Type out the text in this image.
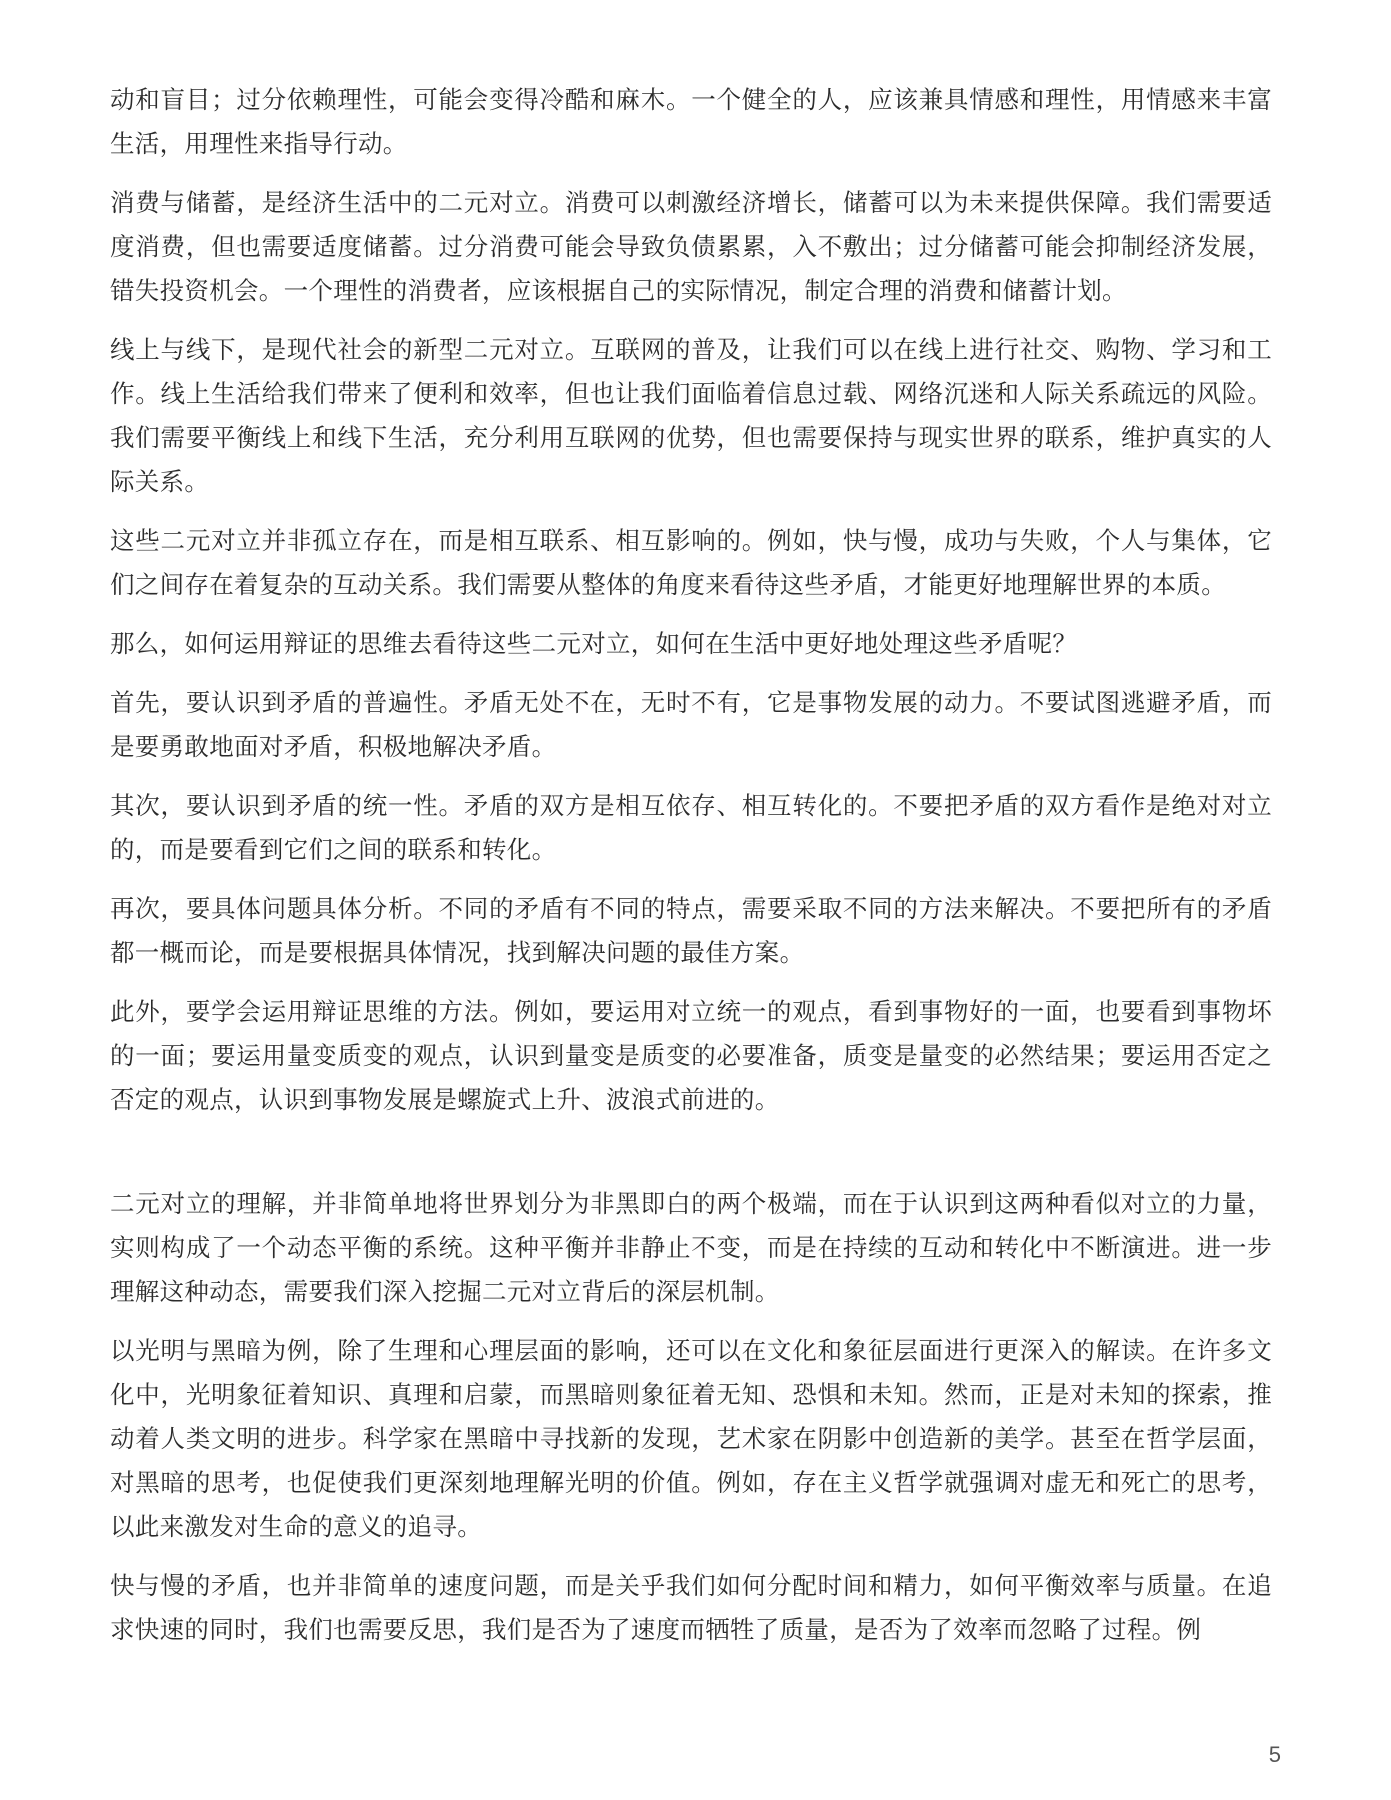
动和盲目；过分依赖理性，可能会变得冷酷和麻木。一个健全的人，应该兼具情感和理性，用情感来丰富生活，用理性来指导行动。

消费与储蓄，是经济生活中的二元对立。消费可以刺激经济增长，储蓄可以为未来提供保障。我们需要适度消费，但也需要适度储蓄。过分消费可能会导致负债累累，入不敷出；过分储蓄可能会抑制经济发展，错失投资机会。一个理性的消费者，应该根据自己的实际情况，制定合理的消费和储蓄计划。

线上与线下，是现代社会的新型二元对立。互联网的普及，让我们可以在线上进行社交、购物、学习和工作。线上生活给我们带来了便利和效率，但也让我们面临着信息过载、网络沉迷和人际关系疏远的风险。我们需要平衡线上和线下生活，充分利用互联网的优势，但也需要保持与现实世界的联系，维护真实的人际关系。

这些二元对立并非孤立存在，而是相互联系、相互影响的。例如，快与慢，成功与失败，个人与集体，它们之间存在着复杂的互动关系。我们需要从整体的角度来看待这些矛盾，才能更好地理解世界的本质。

那么，如何运用辩证的思维去看待这些二元对立，如何在生活中更好地处理这些矛盾呢？

首先，要认识到矛盾的普遍性。矛盾无处不在，无时不有，它是事物发展的动力。不要试图逃避矛盾，而是要勇敢地面对矛盾，积极地解决矛盾。

其次，要认识到矛盾的统一性。矛盾的双方是相互依存、相互转化的。不要把矛盾的双方看作是绝对对立的，而是要看到它们之间的联系和转化。

再次，要具体问题具体分析。不同的矛盾有不同的特点，需要采取不同的方法来解决。不要把所有的矛盾都一概而论，而是要根据具体情况，找到解决问题的最佳方案。

此外，要学会运用辩证思维的方法。例如，要运用对立统一的观点，看到事物好的一面，也要看到事物坏的一面；要运用量变质变的观点，认识到量变是质变的必要准备，质变是量变的必然结果；要运用否定之否定的观点，认识到事物发展是螺旋式上升、波浪式前进的。

二元对立的理解，并非简单地将世界划分为非黑即白的两个极端，而在于认识到这两种看似对立的力量，实则构成了一个动态平衡的系统。这种平衡并非静止不变，而是在持续的互动和转化中不断演进。进一步理解这种动态，需要我们深入挖掘二元对立背后的深层机制。

以光明与黑暗为例，除了生理和心理层面的影响，还可以在文化和象征层面进行更深入的解读。在许多文化中，光明象征着知识、真理和启蒙，而黑暗则象征着无知、恐惧和未知。然而，正是对未知的探索，推动着人类文明的进步。科学家在黑暗中寻找新的发现，艺术家在阴影中创造新的美学。甚至在哲学层面，对黑暗的思考，也促使我们更深刻地理解光明的价值。例如，存在主义哲学就强调对虚无和死亡的思考，以此来激发对生命的意义的追寻。

快与慢的矛盾，也并非简单的速度问题，而是关乎我们如何分配时间和精力，如何平衡效率与质量。在追求快速的同时，我们也需要反思，我们是否为了速度而牺牲了质量，是否为了效率而忽略了过程。例

5
